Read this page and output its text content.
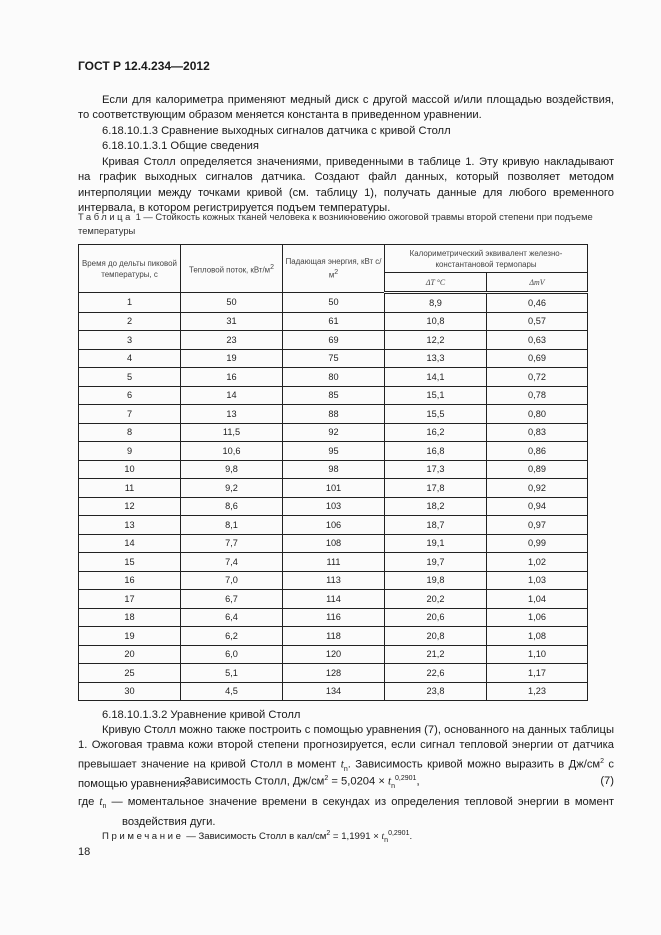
ГОСТ Р 12.4.234—2012
Если для калориметра применяют медный диск с другой массой и/или площадью воздействия, то соответствующим образом меняется константа в приведенном уравнении.
6.18.10.1.3 Сравнение выходных сигналов датчика с кривой Столл
6.18.10.1.3.1 Общие сведения
Кривая Столл определяется значениями, приведенными в таблице 1. Эту кривую накладывают на график выходных сигналов датчика. Создают файл данных, который позволяет методом интерполяции между точками кривой (см. таблицу 1), получать данные для любого временного интервала, в котором регистрируется подъем температуры.
Таблица 1 — Стойкость кожных тканей человека к возникновению ожоговой травмы второй степени при подъеме температуры
Время до дельты пиковой температуры, с	Тепловой поток, кВт/$м^2$	Падающая энергия, кВт $с/м^2$	Калориметрический эквивалент железно-константановой термопары	
			ΔT °C	ΔmV
1	50	50	8,9	0,46
2	31	61	10,8	0,57
3	23	69	12,2	0,63
4	19	75	13,3	0,69
5	16	80	14,1	0,72
6	14	85	15,1	0,78
7	13	88	15,5	0,80
8	11,5	92	16,2	0,83
9	10,6	95	16,8	0,86
10	9,8	98	17,3	0,89
11	9,2	101	17,8	0,92
12	8,6	103	18,2	0,94
13	8,1	106	18,7	0,97
14	7,7	108	19,1	0,99
15	7,4	111	19,7	1,02
16	7,0	113	19,8	1,03
17	6,7	114	20,2	1,04
18	6,4	116	20,6	1,06
19	6,2	118	20,8	1,08
20	6,0	120	21,2	1,10
25	5,1	128	22,6	1,17
30	4,5	134	23,8	1,23
6.18.10.1.3.2 Уравнение кривой Столл
Кривую Столл можно также построить с помощью уравнения (7), основанного на данных таблицы 1. Ожоговая травма кожи второй степени прогнозируется, если сигнал тепловой энергии от датчика превышает значение на кривой Столл в момент $t_n$. Зависимость кривой можно выразить в $Дж/см^2$ с помощью уравнения:
Зависимость Столл, $Дж/см^2 = 5,0204 \times t_n^{0,2901}$,	(7)
где $t_n$ — моментальное значение времени в секундах из определения тепловой энергии в момент воздействия дуги.
Примечание — Зависимость Столл в кал/$см^2 = 1,1991 \times t_n^{0,2901}$.
18
